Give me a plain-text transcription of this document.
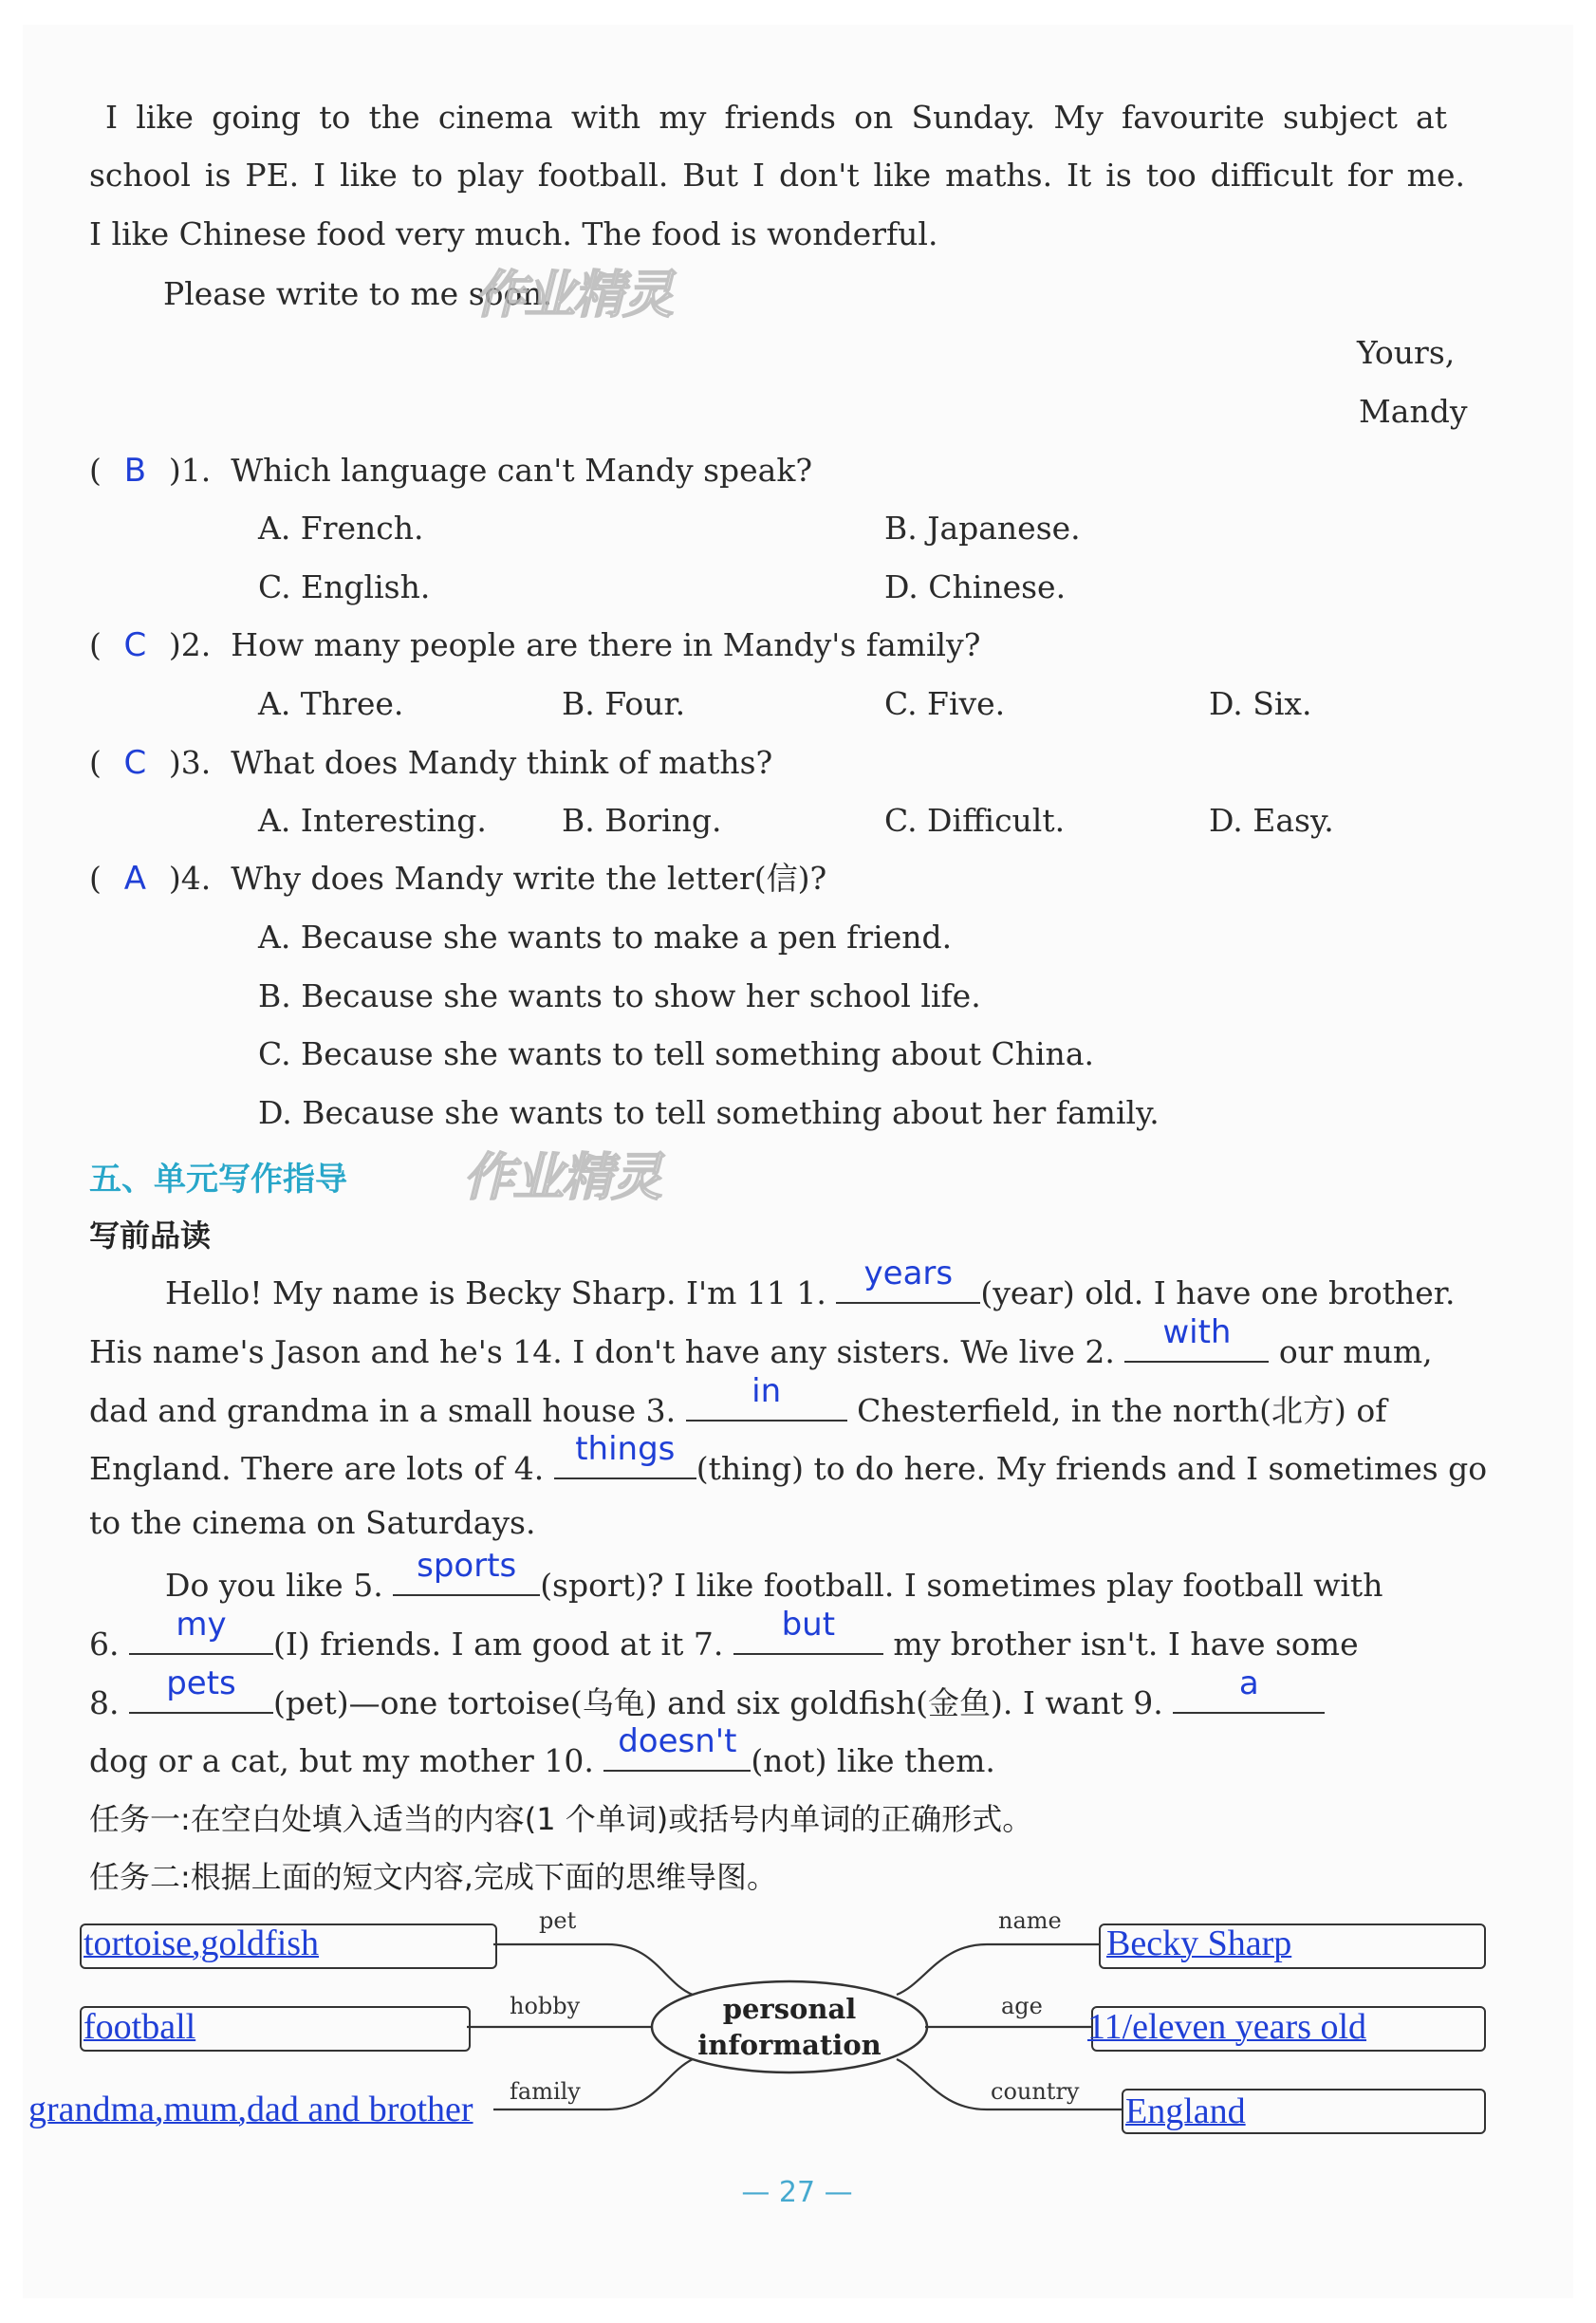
I like going to the cinema with my friends on Sunday. My favourite subject at
school is PE. I like to play football. But I don't like maths. It is too difficult for me.
I like Chinese food very much. The food is wonderful.
Please write to me soon.
Yours,
Mandy
作业精灵
( B )1. Which language can't Mandy speak?
A. French.	B. Japanese.
C. English.	D. Chinese.
( C )2. How many people are there in Mandy's family?
A. Three.	B. Four.	C. Five.	D. Six.
( C )3. What does Mandy think of maths?
A. Interesting. B. Boring.	C. Difficult.	D. Easy.
( A )4. Why does Mandy write the letter(信)?
A. Because she wants to make a pen friend.
B. Because she wants to show her school life.
C. Because she wants to tell something about China.
D. Because she wants to tell something about her family.
五、单元写作指导 作业精灵
写前品读
Hello! My name is Becky Sharp. I'm 11 1.
years
(year) old. I have one brother.
His name's Jason and he's 14. I don't have any sisters. We live 2.
with
our mum,
dad and grandma in a small house 3.
in
Chesterfield, in the north(北方) of
England. There are lots of 4.
things
(thing) to do here. My friends and I sometimes go
to the cinema on Saturdays.
Do you like 5.
sports
(sport)? I like football. I sometimes play football with
6.
my
(I) friends. I am good at it 7.
but
my brother isn't. I have some
8.
pets
(pet)—one tortoise(乌龟) and six goldfish(金鱼). I want 9.
a
dog or a cat, but my mother 10.
doesn't
(not) like them.
任务一:在空白处填入适当的内容(1 个单词)或括号内单词的正确形式。
任务二:根据上面的短文内容,完成下面的思维导图。
pet
hobby
family
name
age
country
personal
information
tortoise,goldfish
football
grandma,mum,dad and brother
Becky Sharp
11/eleven years old
England
— 27 —
